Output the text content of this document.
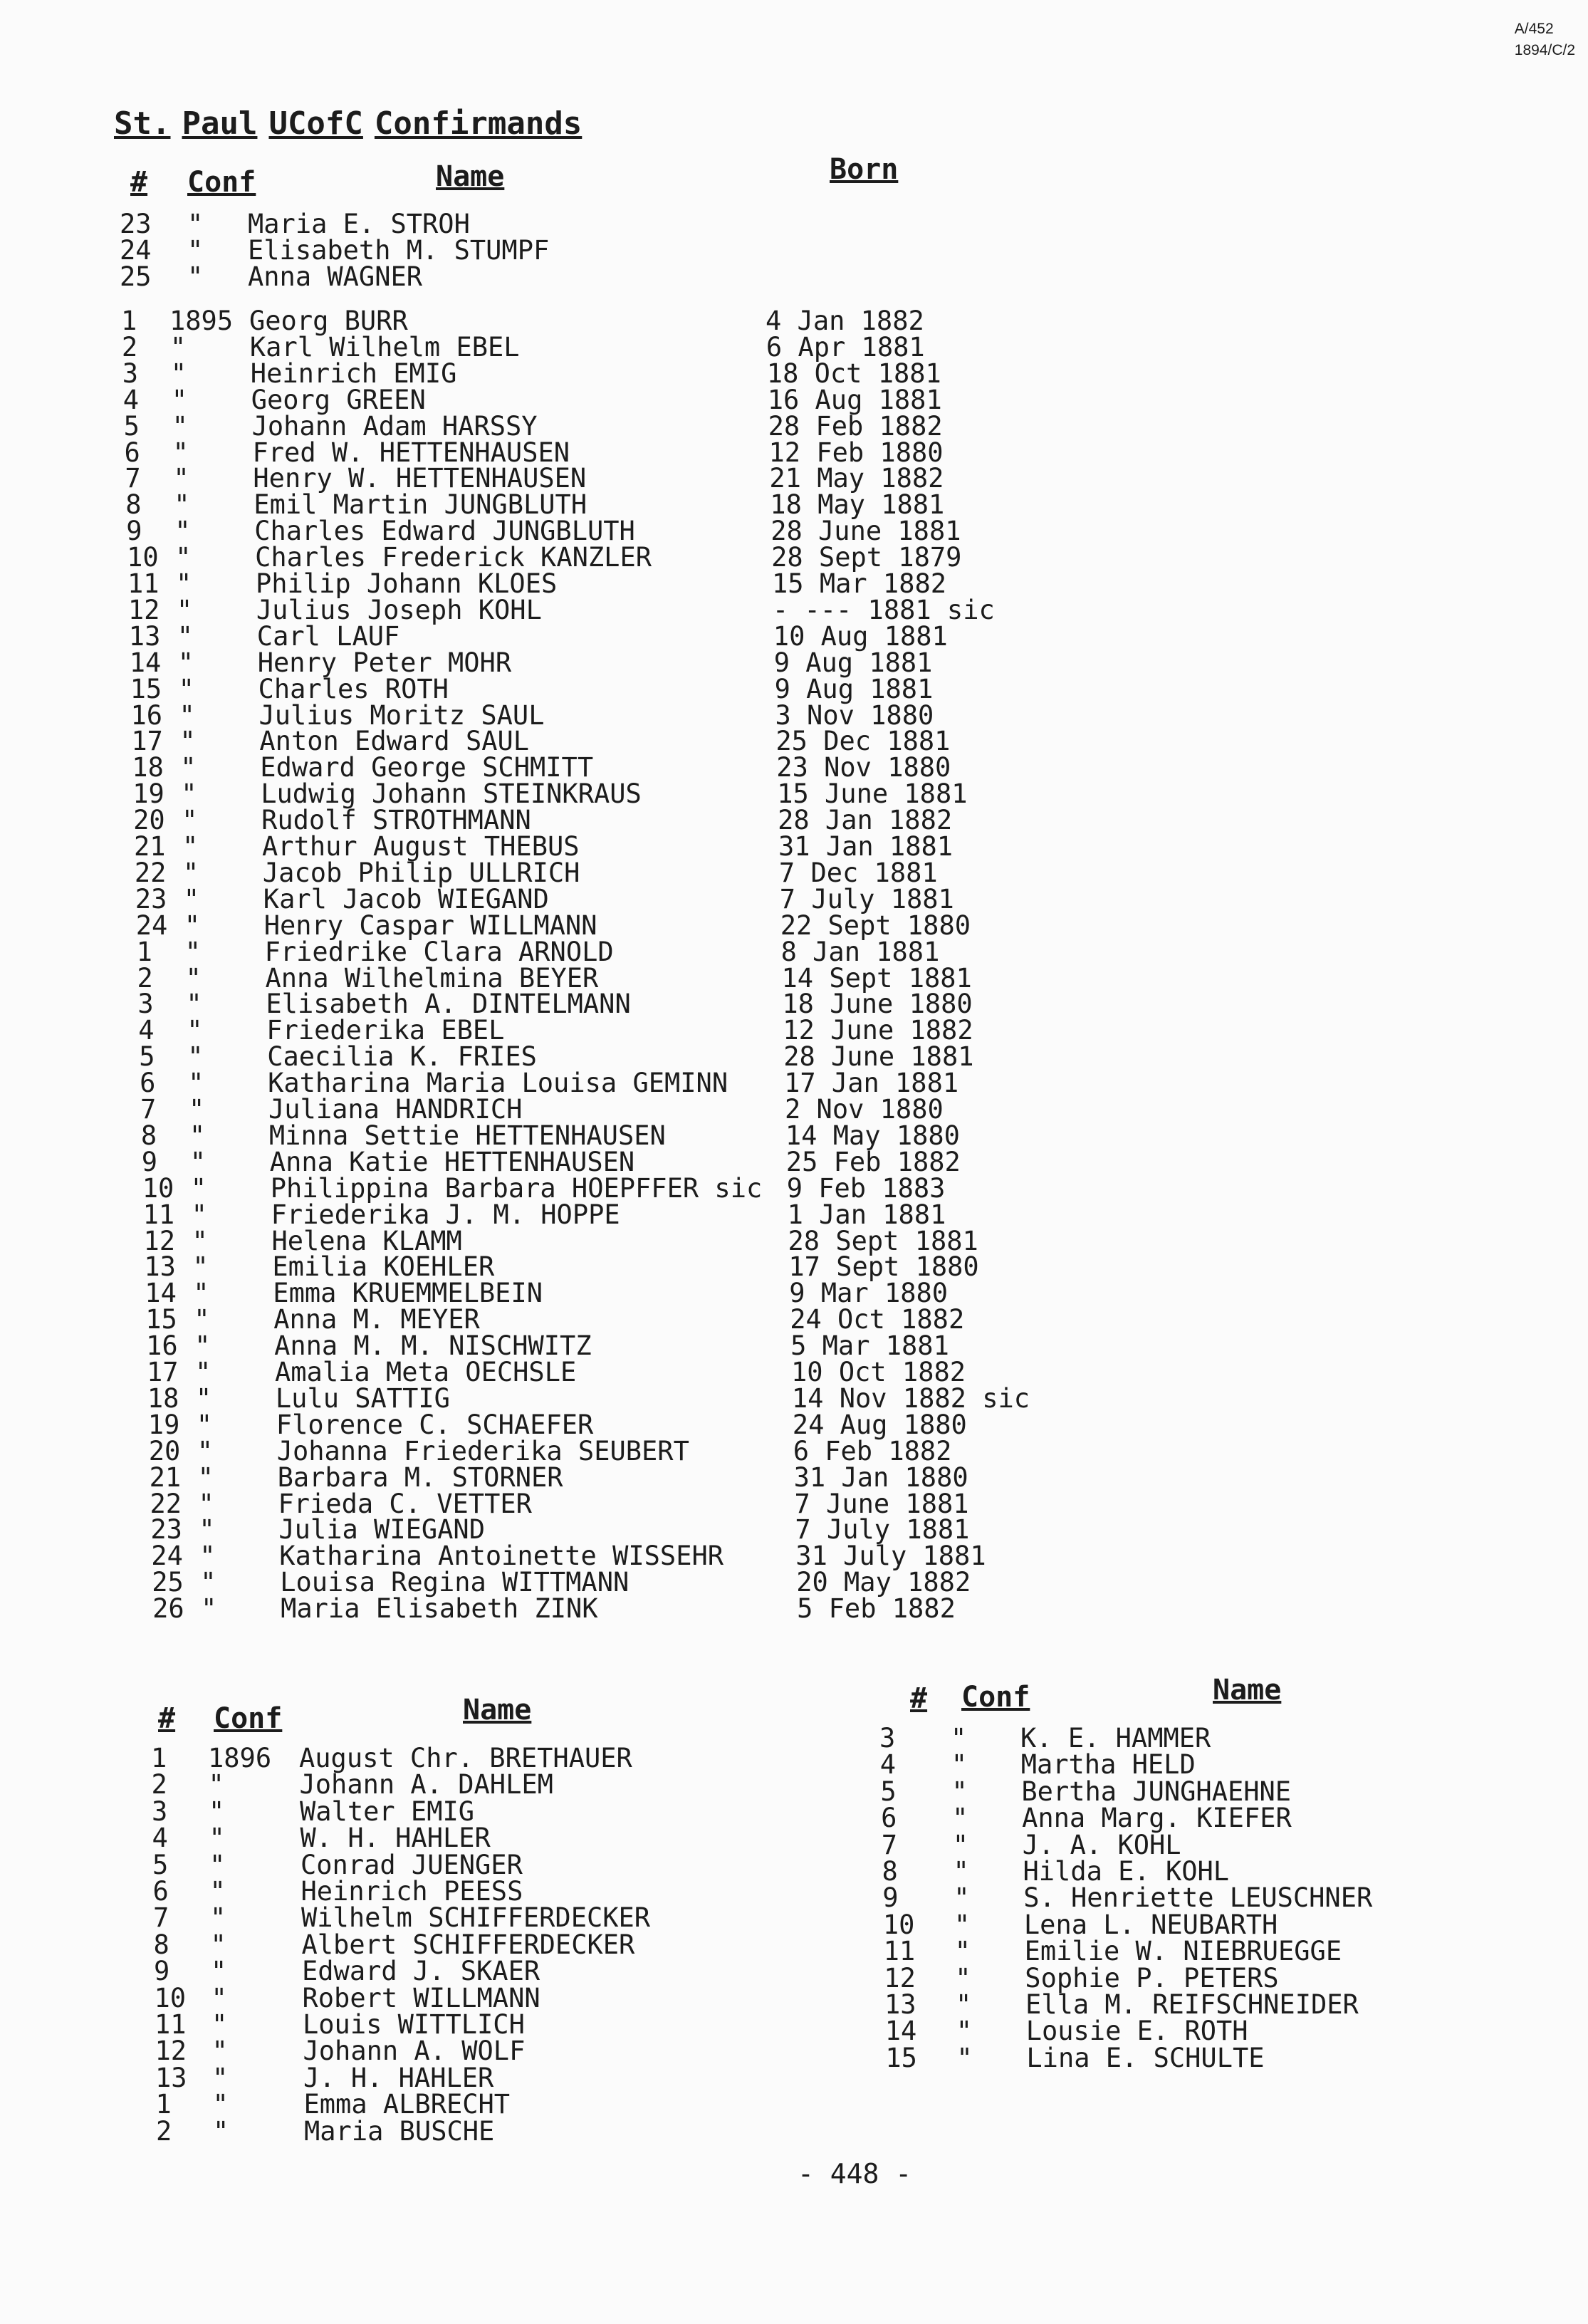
A/452
1894/C/2
St. Paul UCofC Confirmands
# Conf	Name	Born
23 " Maria E. STROH
24 " Elisabeth M. STUMPF
25 " Anna WAGNER
1 1895 Georg BURR	4 Jan 1882
2 " Karl Wilhelm EBEL	6 Apr 1881
3 " Heinrich EMIG	18 Oct 1881
4 " Georg GREEN	16 Aug 1881
5 " Johann Adam HARSSY	28 Feb 1882
6 " Fred W. HETTENHAUSEN	12 Feb 1880
7 " Henry W. HETTENHAUSEN	21 May 1882
8 " Emil Martin JUNGBLUTH	18 May 1881
9 " Charles Edward JUNGBLUTH	28 June 1881
10 " Charles Frederick KANZLER	28 Sept 1879
11 " Philip Johann KLOES	15 Mar 1882
12 " Julius Joseph KOHL	- --- 1881 sic
13 " Carl LAUF	10 Aug 1881
14 " Henry Peter MOHR	9 Aug 1881
15 " Charles ROTH	9 Aug 1881
16 " Julius Moritz SAUL	3 Nov 1880
17 " Anton Edward SAUL	25 Dec 1881
18 " Edward George SCHMITT	23 Nov 1880
19 " Ludwig Johann STEINKRAUS	15 June 1881
20 " Rudolf STROTHMANN	28 Jan 1882
21 " Arthur August THEBUS	31 Jan 1881
22 " Jacob Philip ULLRICH	7 Dec 1881
23 " Karl Jacob WIEGAND	7 July 1881
24 " Henry Caspar WILLMANN	22 Sept 1880
1 " Friedrike Clara ARNOLD	8 Jan 1881
2 " Anna Wilhelmina BEYER	14 Sept 1881
3 " Elisabeth A. DINTELMANN	18 June 1880
4 " Friederika EBEL	12 June 1882
5 " Caecilia K. FRIES	28 June 1881
6 " Katharina Maria Louisa GEMINN 17 Jan 1881
7 " Juliana HANDRICH	2 Nov 1880
8 " Minna Settie HETTENHAUSEN	14 May 1880
9 " Anna Katie HETTENHAUSEN	25 Feb 1882
10 " Philippina Barbara HOEPFFER sic 9 Feb 1883
11 " Friederika J. M. HOPPE	1 Jan 1881
12 " Helena KLAMM	28 Sept 1881
13 " Emilia KOEHLER	17 Sept 1880
14 " Emma KRUEMMELBEIN	9 Mar 1880
15 " Anna M. MEYER	24 Oct 1882
16 " Anna M. M. NISCHWITZ	5 Mar 1881
17 " Amalia Meta OECHSLE	10 Oct 1882
18 " Lulu SATTIG	14 Nov 1882 sic
19 " Florence C. SCHAEFER	24 Aug 1880
20 " Johanna Friederika SEUBERT	6 Feb 1882
21 " Barbara M. STORNER	31 Jan 1880
22 " Frieda C. VETTER	7 June 1881
23 " Julia WIEGAND	7 July 1881
24 " Katharina Antoinette WISSEHR	31 July 1881
25 " Louisa Regina WITTMANN	20 May 1882
26 " Maria Elisabeth ZINK	5 Feb 1882
# Conf	Name
1 1896 August Chr. BRETHAUER
2 "	Johann A. DAHLEM
3 "	Walter EMIG
4 "	W. H. HAHLER
5 "	Conrad JUENGER
6 "	Heinrich PEESS
7 "	Wilhelm SCHIFFERDECKER
8 "	Albert SCHIFFERDECKER
9 "	Edward J. SKAER
10 "	Robert WILLMANN
11 "	Louis WITTLICH
12 "	Johann A. WOLF
13 "	J. H. HAHLER
1 "	Emma ALBRECHT
2 "	Maria BUSCHE
# Conf	Name
3 " K. E. HAMMER
4 " Martha HELD
5 " Bertha JUNGHAEHNE
6 " Anna Marg. KIEFER
7 " J. A. KOHL
8 " Hilda E. KOHL
9 " S. Henriette LEUSCHNER
10 " Lena L. NEUBARTH
11 " Emilie W. NIEBRUEGGE
12 " Sophie P. PETERS
13 " Ella M. REIFSCHNEIDER
14 " Lousie E. ROTH
15 " Lina E. SCHULTE
- 448 -
